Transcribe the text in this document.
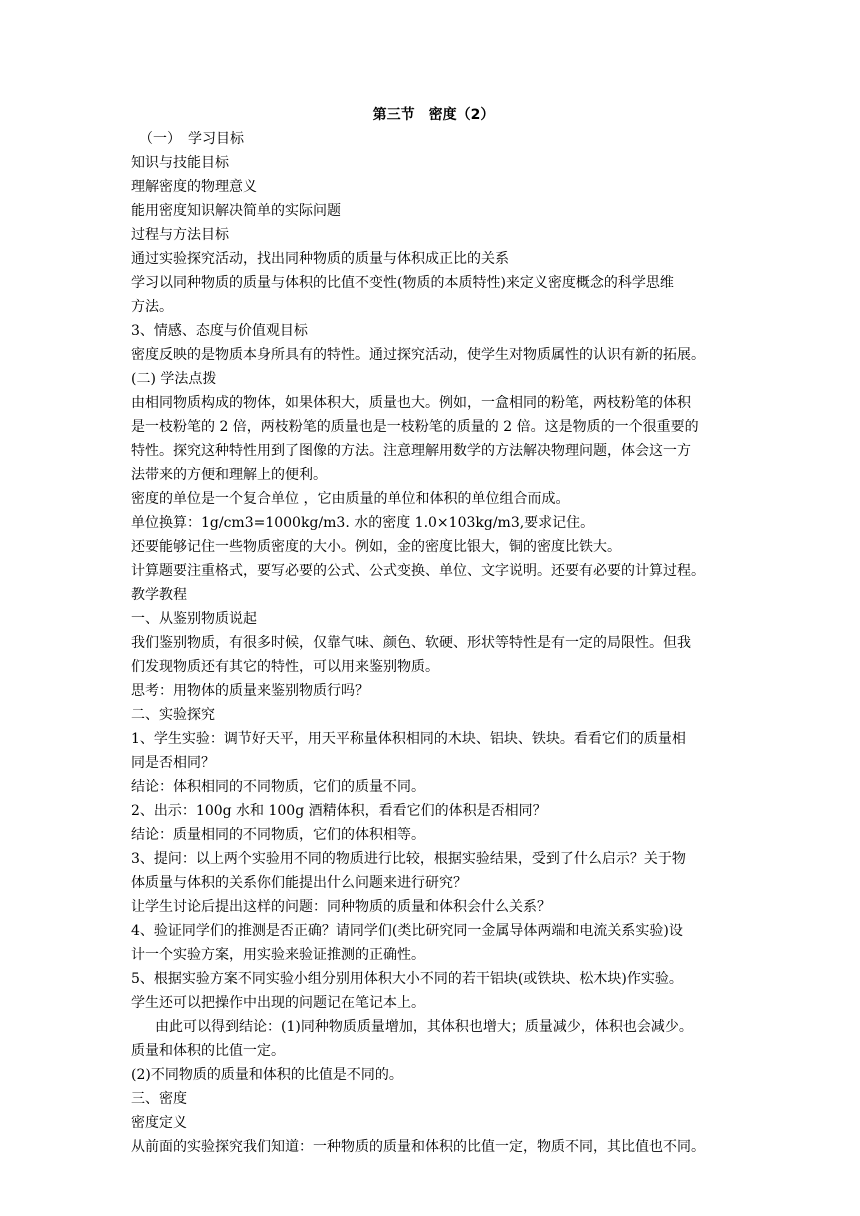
第三节　密度（2）
（一）　学习目标
知识与技能目标
理解密度的物理意义
能用密度知识解决简单的实际问题
过程与方法目标
通过实验探究活动，找出同种物质的质量与体积成正比的关系
学习以同种物质的质量与体积的比值不变性(物质的本质特性)来定义密度概念的科学思维
方法。
3、情感、态度与价值观目标
密度反映的是物质本身所具有的特性。通过探究活动，使学生对物质属性的认识有新的拓展。
(二) 学法点拨
由相同物质构成的物体，如果体积大，质量也大。例如，一盒相同的粉笔，两枝粉笔的体积
是一枝粉笔的 2 倍，两枝粉笔的质量也是一枝粉笔的质量的 2 倍。这是物质的一个很重要的
特性。探究这种特性用到了图像的方法。注意理解用数学的方法解决物理问题，体会这一方
法带来的方便和理解上的便利。
密度的单位是一个复合单位 ，它由质量的单位和体积的单位组合而成。
单位换算：1g/cm3=1000kg/m3. 水的密度 1.0×103kg/m3,要求记住。
还要能够记住一些物质密度的大小。例如，金的密度比银大，铜的密度比铁大。
计算题要注重格式，要写必要的公式、公式变换、单位、文字说明。还要有必要的计算过程。
教学教程
一、从鉴别物质说起
我们鉴别物质，有很多时候，仅靠气味、颜色、软硬、形状等特性是有一定的局限性。但我
们发现物质还有其它的特性，可以用来鉴别物质。
思考：用物体的质量来鉴别物质行吗？
二、实验探究
1、学生实验：调节好天平，用天平称量体积相同的木块、铝块、铁块。看看它们的质量相
同是否相同？
结论：体积相同的不同物质，它们的质量不同。
2、出示：100g 水和 100g 酒精体积，看看它们的体积是否相同？
结论：质量相同的不同物质，它们的体积相等。
3、提问：以上两个实验用不同的物质进行比较，根据实验结果，受到了什么启示？关于物
体质量与体积的关系你们能提出什么问题来进行研究？
让学生讨论后提出这样的问题：同种物质的质量和体积会什么关系？
4、验证同学们的推测是否正确？请同学们(类比研究同一金属导体两端和电流关系实验)设
计一个实验方案，用实验来验证推测的正确性。
5、根据实验方案不同实验小组分别用体积大小不同的若干铝块(或铁块、松木块)作实验。
学生还可以把操作中出现的问题记在笔记本上。
由此可以得到结论：(1)同种物质质量增加，其体积也增大；质量减少，体积也会减少。
质量和体积的比值一定。
(2)不同物质的质量和体积的比值是不同的。
三、密度
密度定义
从前面的实验探究我们知道：一种物质的质量和体积的比值一定，物质不同，其比值也不同。
